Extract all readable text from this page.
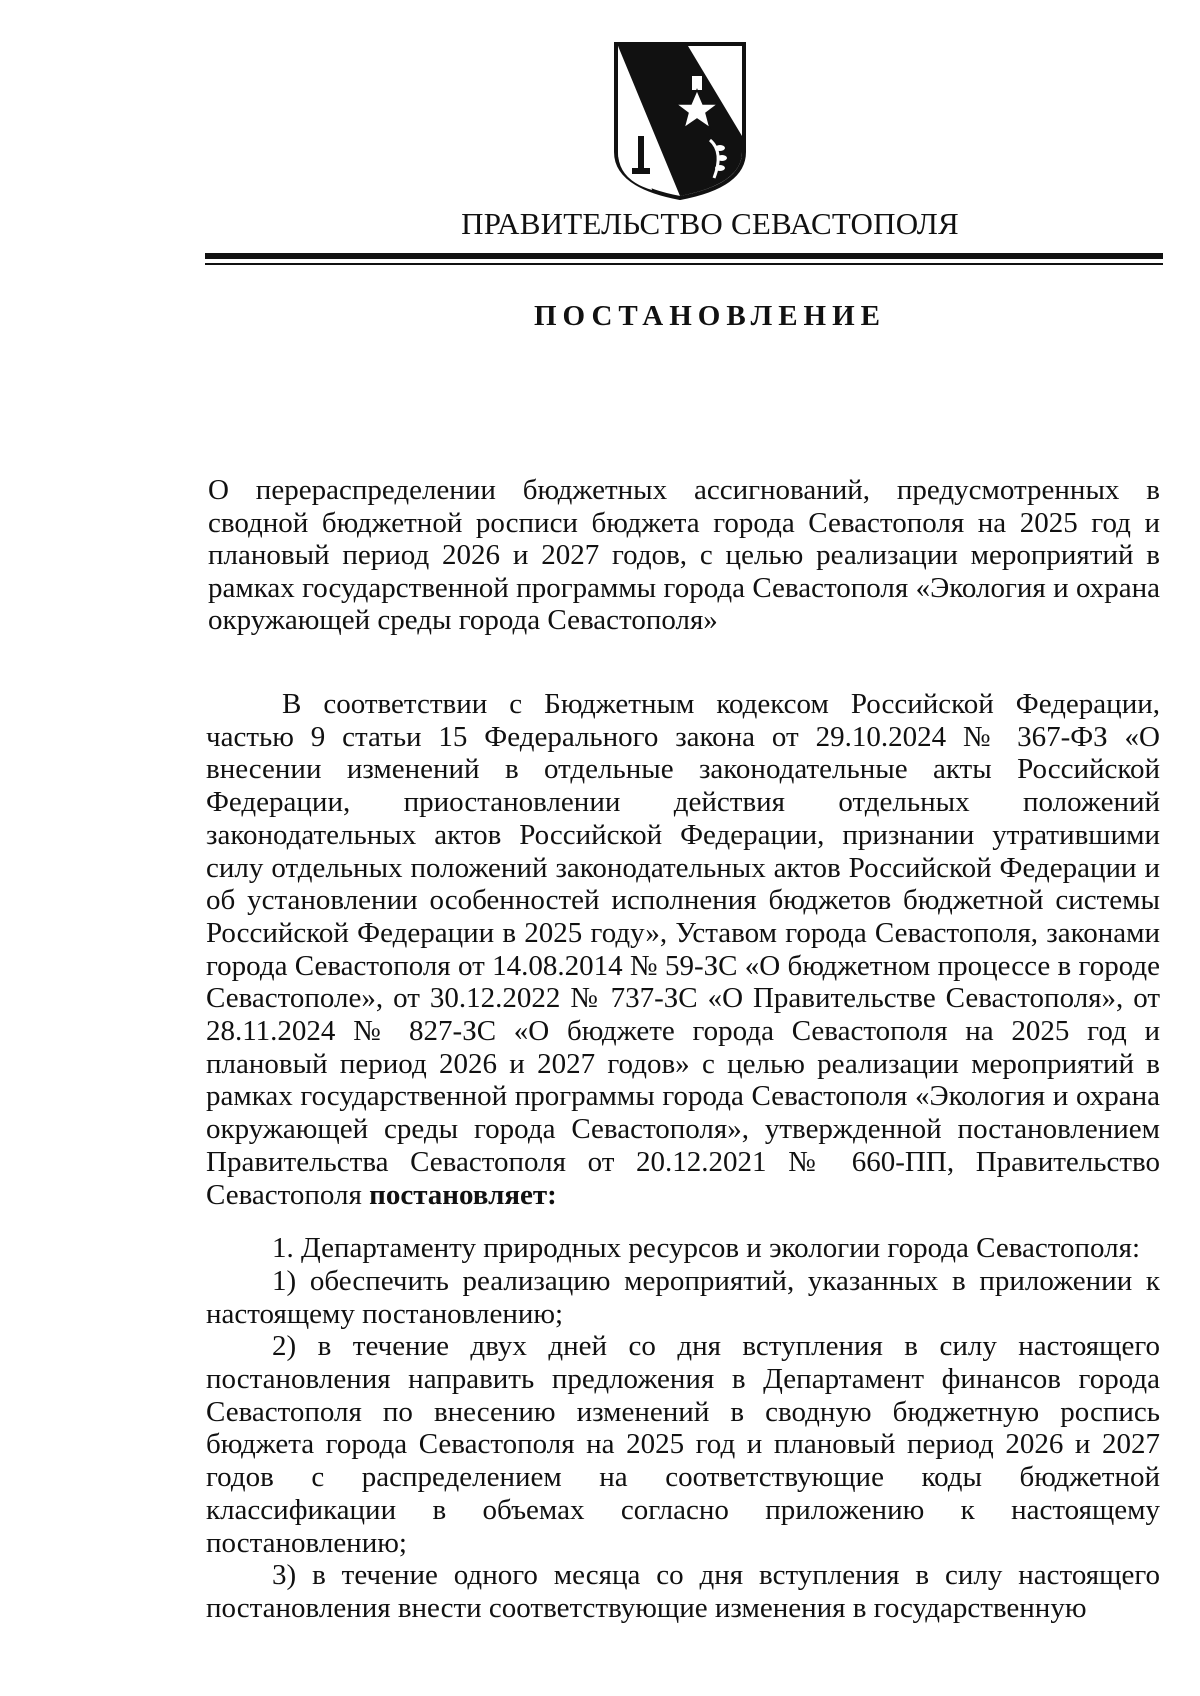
ПРАВИТЕЛЬСТВО СЕВАСТОПОЛЯ
ПОСТАНОВЛЕНИЕ
О перераспределении бюджетных ассигнований, предусмотренных в сводной бюджетной росписи бюджета города Севастополя на 2025 год и плановый период 2026 и 2027 годов, с целью реализации мероприятий в рамках государственной программы города Севастополя «Экология и охрана окружающей среды города Севастополя»

В соответствии с Бюджетным кодексом Российской Федерации, частью 9 статьи 15 Федерального закона от 29.10.2024 № 367-ФЗ «О внесении изменений в отдельные законодательные акты Российской Федерации, приостановлении действия отдельных положений законодательных актов Российской Федерации, признании утратившими силу отдельных положений законодательных актов Российской Федерации и об установлении особенностей исполнения бюджетов бюджетной системы Российской Федерации в 2025 году», Уставом города Севастополя, законами города Севастополя от 14.08.2014 № 59-ЗС «О бюджетном процессе в городе Севастополе», от 30.12.2022 № 737-ЗС «О Правительстве Севастополя», от 28.11.2024 № 827-ЗС «О бюджете города Севастополя на 2025 год и плановый период 2026 и 2027 годов» с целью реализации мероприятий в рамках государственной программы города Севастополя «Экология и охрана окружающей среды города Севастополя», утвержденной постановлением Правительства Севастополя от 20.12.2021 № 660-ПП, Правительство Севастополя постановляет:

1. Департаменту природных ресурсов и экологии города Севастополя:

1) обеспечить реализацию мероприятий, указанных в приложении к настоящему постановлению;

2) в течение двух дней со дня вступления в силу настоящего постановления направить предложения в Департамент финансов города Севастополя по внесению изменений в сводную бюджетную роспись бюджета города Севастополя на 2025 год и плановый период 2026 и 2027 годов с распределением на соответствующие коды бюджетной классификации в объемах согласно приложению к настоящему постановлению;

3) в течение одного месяца со дня вступления в силу настоящего постановления внести соответствующие изменения в государственную
